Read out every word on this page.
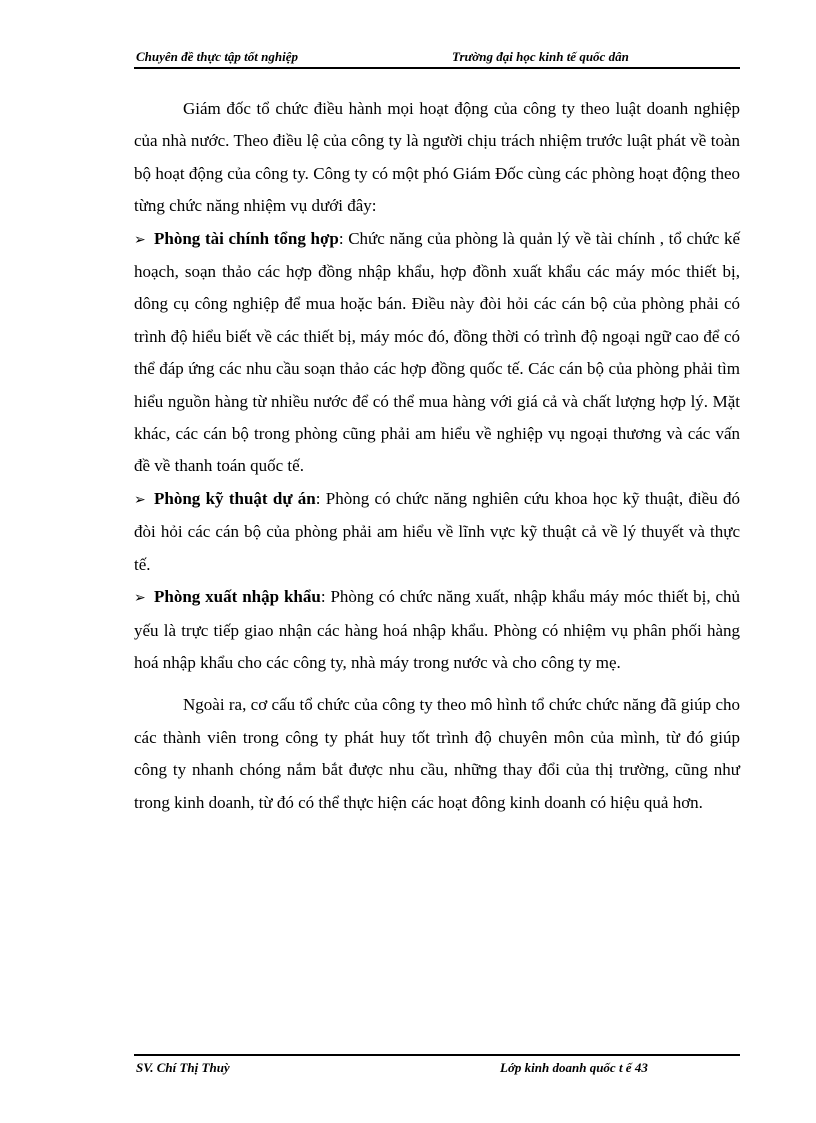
Chuyên đề thực tập tốt nghiệp	Trường đại học kinh tế quốc dân

Giám đốc tổ chức điều hành mọi hoạt động của công ty theo luật doanh nghiệp của nhà nước. Theo điều lệ của công ty là người chịu trách nhiệm trước luật phát về toàn bộ hoạt động của công ty. Công ty có một phó Giám Đốc cùng các phòng hoạt động theo từng chức năng nhiệm vụ dưới đây:

➢ Phòng tài chính tổng hợp: Chức năng của phòng là quản lý về tài chính , tổ chức kế hoạch, soạn thảo các hợp đồng nhập khẩu, hợp đồnh xuất khẩu các máy móc thiết bị, dông cụ công nghiệp để mua hoặc bán. Điều này đòi hỏi các cán bộ của phòng phải có trình độ hiểu biết về các thiết bị, máy móc đó, đồng thời có trình độ ngoại ngữ cao để có thể đáp ứng các nhu cầu soạn thảo các hợp đồng quốc tế. Các cán bộ của phòng phải tìm hiểu nguồn hàng từ nhiều nước để có thể mua hàng với giá cả và chất lượng hợp lý. Mặt khác, các cán bộ trong phòng cũng phải am hiểu về nghiệp vụ ngoại thương và các vấn đề về thanh toán quốc tế.

➢ Phòng kỹ thuật dự án: Phòng có chức năng nghiên cứu khoa học kỹ thuật, điều đó đòi hỏi các cán bộ của phòng phải am hiểu về lĩnh vực kỹ thuật cả về lý thuyết và thực tế.

➢ Phòng xuất nhập khẩu: Phòng có chức năng xuất, nhập khẩu máy móc thiết bị, chủ yếu là trực tiếp giao nhận các hàng hoá nhập khẩu. Phòng có nhiệm vụ phân phối hàng hoá nhập khẩu cho các công ty, nhà máy trong nước và cho công ty mẹ.

Ngoài ra, cơ cấu tổ chức của công ty theo mô hình tổ chức chức năng đã giúp cho các thành viên trong công ty phát huy tốt trình độ chuyên môn của mình, từ đó giúp công ty nhanh chóng nắm bắt được nhu cầu, những thay đổi của thị trường, cũng như trong kinh doanh, từ đó có thể thực hiện các hoạt đông kinh doanh có hiệu quả hơn.

SV. Chí Thị Thuỳ	Lớp kinh doanh quốc t ế 43
